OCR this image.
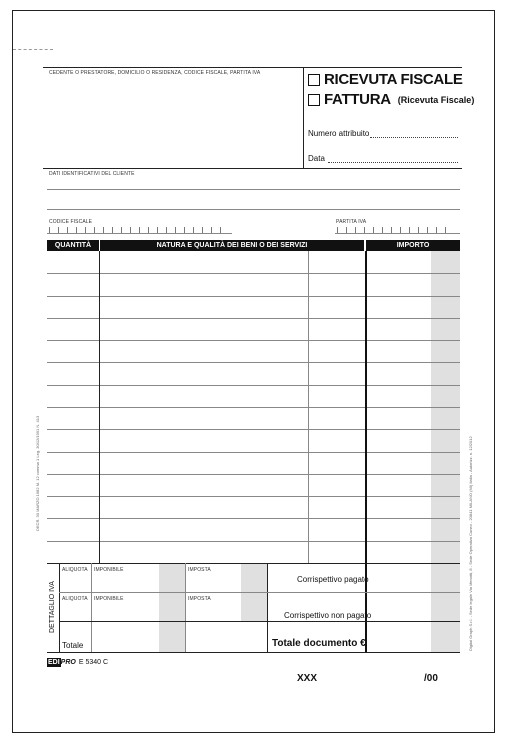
CEDENTE O PRESTATORE, DOMICILIO O RESIDENZA, CODICE FISCALE, PARTITA IVA	RICEVUTA FISCALE
FATTURA (Ricevuta Fiscale)
Numero attribuito
Data
DATI IDENTIFICATIVI DEL CLIENTE
CODICE FISCALE	PARTITA IVA
QUANTITÀ	NATURA E QUALITÀ DEI BENI O DEI SERVIZI	IMPORTO
DETTAGLIO IVA
ALIQUOTA IMPONIBILE	IMPOSTA
ALIQUOTA IMPONIBILE	IMPOSTA
Totale
Corrispettivo pagato
Corrispettivo non pagato
Totale documento €
DECR. 30 MARZO 1982 M. 12 comma 1 Leg. 30/12/1991 N. 413	Digital Graph S.r.l. - Sede legale Via Menotti, 8 - Sede Operativa Cuneo - 20841 MILANO (MI) Italia - Autorizz. n. 12/2012
EDI PRO E 5340 C
XXX	/00
